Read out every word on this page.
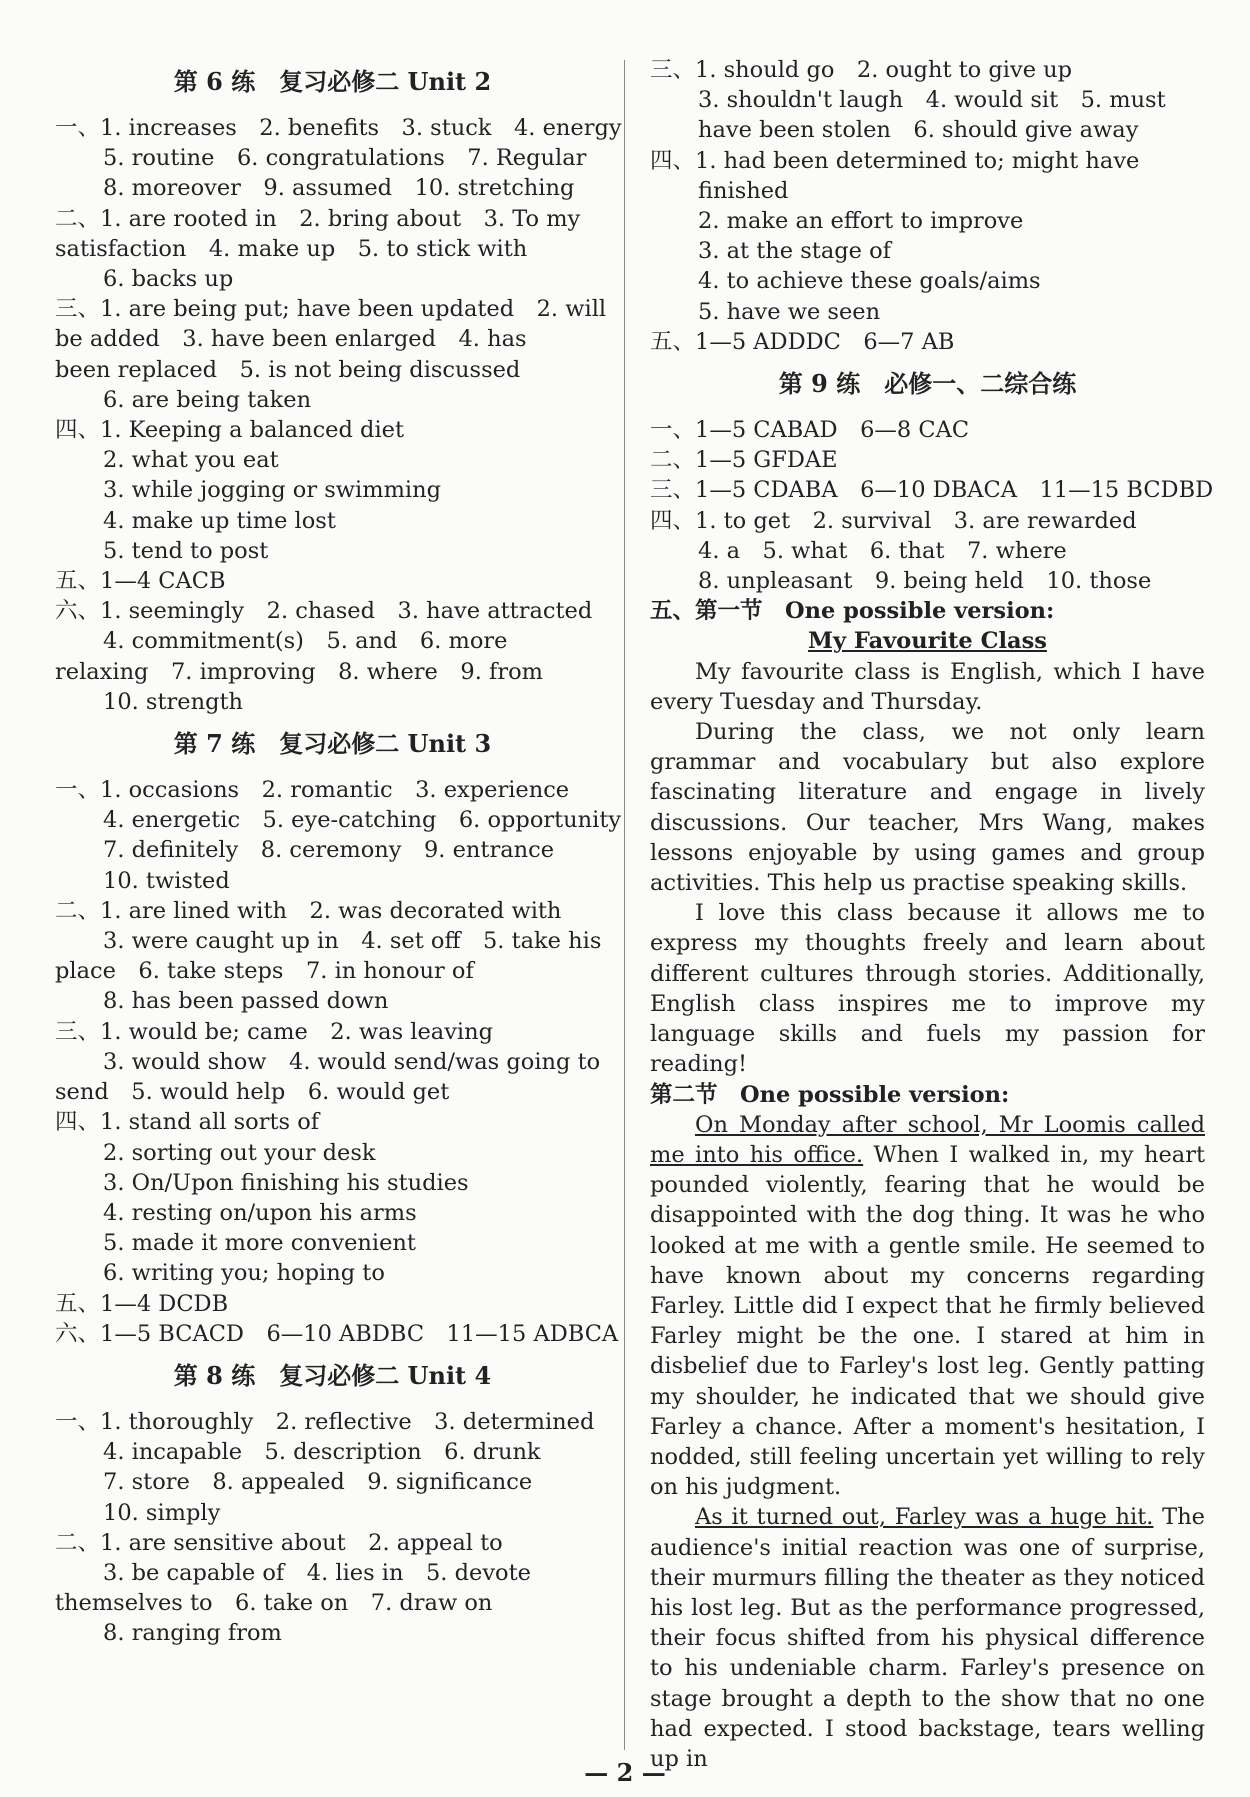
第 6 练　复习必修二 Unit 2
一、1. increases　2. benefits　3. stuck　4. energy
5. routine　6. congratulations　7. Regular
8. moreover　9. assumed　10. stretching
二、1. are rooted in　2. bring about　3. To my
satisfaction　4. make up　5. to stick with
6. backs up
三、1. are being put; have been updated　2. will
be added　3. have been enlarged　4. has
been replaced　5. is not being discussed
6. are being taken
四、1. Keeping a balanced diet
2. what you eat
3. while jogging or swimming
4. make up time lost
5. tend to post
五、1—4 CACB
六、1. seemingly　2. chased　3. have attracted
4. commitment(s)　5. and　6. more
relaxing　7. improving　8. where　9. from
10. strength
第 7 练　复习必修二 Unit 3
一、1. occasions　2. romantic　3. experience
4. energetic　5. eye-catching　6. opportunity
7. definitely　8. ceremony　9. entrance
10. twisted
二、1. are lined with　2. was decorated with
3. were caught up in　4. set off　5. take his
place　6. take steps　7. in honour of
8. has been passed down
三、1. would be; came　2. was leaving
3. would show　4. would send/was going to
send　5. would help　6. would get
四、1. stand all sorts of
2. sorting out your desk
3. On/Upon finishing his studies
4. resting on/upon his arms
5. made it more convenient
6. writing you; hoping to
五、1—4 DCDB
六、1—5 BCACD　6—10 ABDBC　11—15 ADBCA
第 8 练　复习必修二 Unit 4
一、1. thoroughly　2. reflective　3. determined
4. incapable　5. description　6. drunk
7. store　8. appealed　9. significance
10. simply
二、1. are sensitive about　2. appeal to
3. be capable of　4. lies in　5. devote
themselves to　6. take on　7. draw on
8. ranging from
三、1. should go　2. ought to give up
3. shouldn't laugh　4. would sit　5. must
have been stolen　6. should give away
四、1. had been determined to; might have
finished
2. make an effort to improve
3. at the stage of
4. to achieve these goals/aims
5. have we seen
五、1—5 ADDDC　6—7 AB
第 9 练　必修一、二综合练
一、1—5 CABAD　6—8 CAC
二、1—5 GFDAE
三、1—5 CDABA　6—10 DBACA　11—15 BCDBD
四、1. to get　2. survival　3. are rewarded
4. a　5. what　6. that　7. where
8. unpleasant　9. being held　10. those
五、第一节　One possible version:
My Favourite Class
My favourite class is English, which I have every Tuesday and Thursday.
During the class, we not only learn grammar and vocabulary but also explore fascinating literature and engage in lively discussions. Our teacher, Mrs Wang, makes lessons enjoyable by using games and group activities. This help us practise speaking skills.
I love this class because it allows me to express my thoughts freely and learn about different cultures through stories. Additionally, English class inspires me to improve my language skills and fuels my passion for reading!
第二节　One possible version:
On Monday after school, Mr Loomis called me into his office. When I walked in, my heart pounded violently, fearing that he would be disappointed with the dog thing. It was he who looked at me with a gentle smile. He seemed to have known about my concerns regarding Farley. Little did I expect that he firmly believed Farley might be the one. I stared at him in disbelief due to Farley's lost leg. Gently patting my shoulder, he indicated that we should give Farley a chance. After a moment's hesitation, I nodded, still feeling uncertain yet willing to rely on his judgment.
As it turned out, Farley was a huge hit. The audience's initial reaction was one of surprise, their murmurs filling the theater as they noticed his lost leg. But as the performance progressed, their focus shifted from his physical difference to his undeniable charm. Farley's presence on stage brought a depth to the show that no one had expected. I stood backstage, tears welling up in
— 2 —
